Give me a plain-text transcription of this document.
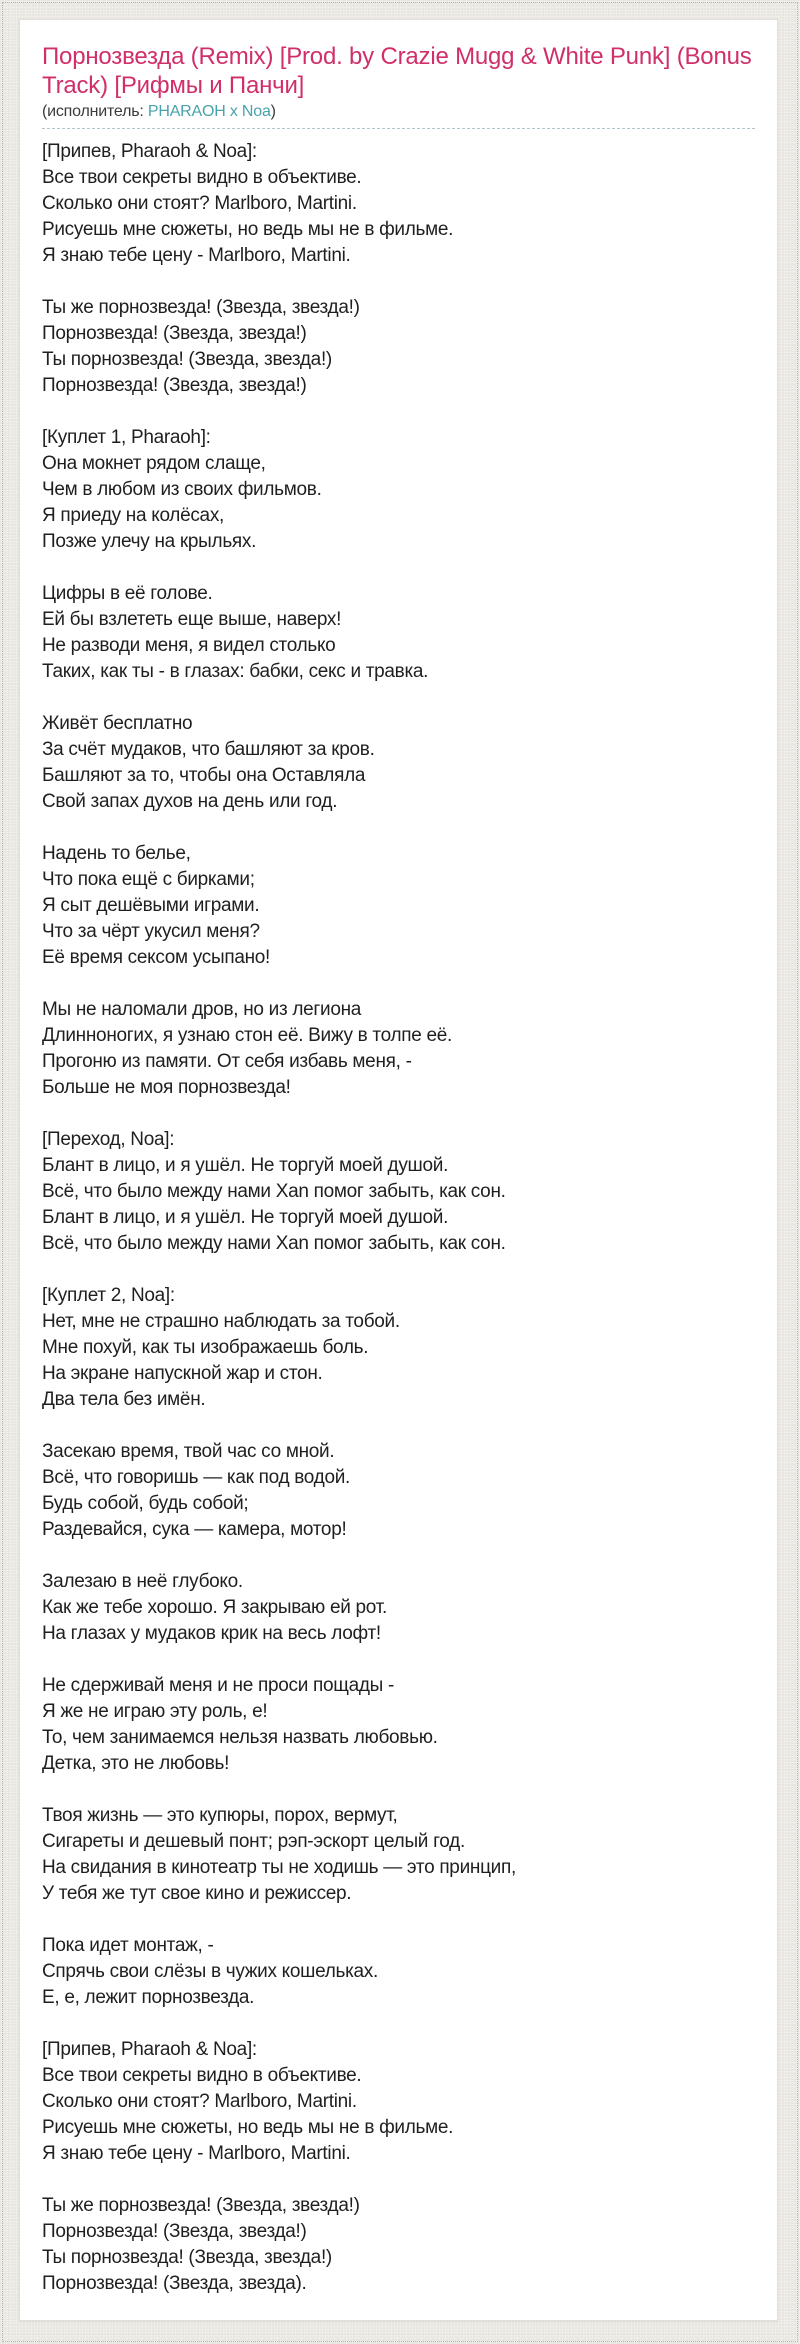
Порнозвезда (Remix) [Prod. by Crazie Mugg & White Punk] (Bonus Track) [Рифмы и Панчи]
(исполнитель: PHARAOH x Noa)

[Припев, Pharaoh & Noa]:
Все твои секреты видно в объективе.
Сколько они стоят? Marlboro, Martini.
Рисуешь мне сюжеты, но ведь мы не в фильме.
Я знаю тебе цену - Marlboro, Martini.

Ты же порнозвезда! (Звезда, звезда!)
Порнозвезда! (Звезда, звезда!)
Ты порнозвезда! (Звезда, звезда!)
Порнозвезда! (Звезда, звезда!)

[Куплет 1, Pharaoh]:
Она мокнет рядом слаще,
Чем в любом из своих фильмов.
Я приеду на колёсах,
Позже улечу на крыльях.

Цифры в её голове.
Ей бы взлететь еще выше, наверх!
Не разводи меня, я видел столько
Таких, как ты - в глазах: бабки, секс и травка.

Живёт бесплатно
За счёт мудаков, что башляют за кров.
Башляют за то, чтобы она Оставляла
Свой запах духов на день или год.

Надень то белье,
Что пока ещё с бирками;
Я сыт дешёвыми играми.
Что за чёрт укусил меня?
Её время сексом усыпано!

Мы не наломали дров, но из легиона
Длинноногих, я узнаю стон её. Вижу в толпе её.
Прогоню из памяти. От себя избавь меня, -
Больше не моя порнозвезда!

[Переход, Noa]:
Блант в лицо, и я ушёл. Не торгуй моей душой.
Всё, что было между нами Xan помог забыть, как сон.
Блант в лицо, и я ушёл. Не торгуй моей душой.
Всё, что было между нами Xan помог забыть, как сон.

[Куплет 2, Noa]:
Нет, мне не страшно наблюдать за тобой.
Мне похуй, как ты изображаешь боль.
На экране напускной жар и стон.
Два тела без имён.

Засекаю время, твой час со мной.
Всё, что говоришь — как под водой.
Будь собой, будь собой;
Раздевайся, сука — камера, мотор!

Залезаю в неё глубоко.
Как же тебе хорошо. Я закрываю ей рот.
На глазах у мудаков крик на весь лофт!

Не сдерживай меня и не проси пощады -
Я же не играю эту роль, е!
То, чем занимаемся нельзя назвать любовью.
Детка, это не любовь!

Твоя жизнь — это купюры, порох, вермут,
Сигареты и дешевый понт; рэп-эскорт целый год.
На свидания в кинотеатр ты не ходишь — это принцип,
У тебя же тут свое кино и режиссер.

Пока идет монтаж, -
Спрячь свои слёзы в чужих кошельках.
Е, е, лежит порнозвезда.

[Припев, Pharaoh & Noa]:
Все твои секреты видно в объективе.
Сколько они стоят? Marlboro, Martini.
Рисуешь мне сюжеты, но ведь мы не в фильме.
Я знаю тебе цену - Marlboro, Martini.

Ты же порнозвезда! (Звезда, звезда!)
Порнозвезда! (Звезда, звезда!)
Ты порнозвезда! (Звезда, звезда!)
Порнозвезда! (Звезда, звезда).
